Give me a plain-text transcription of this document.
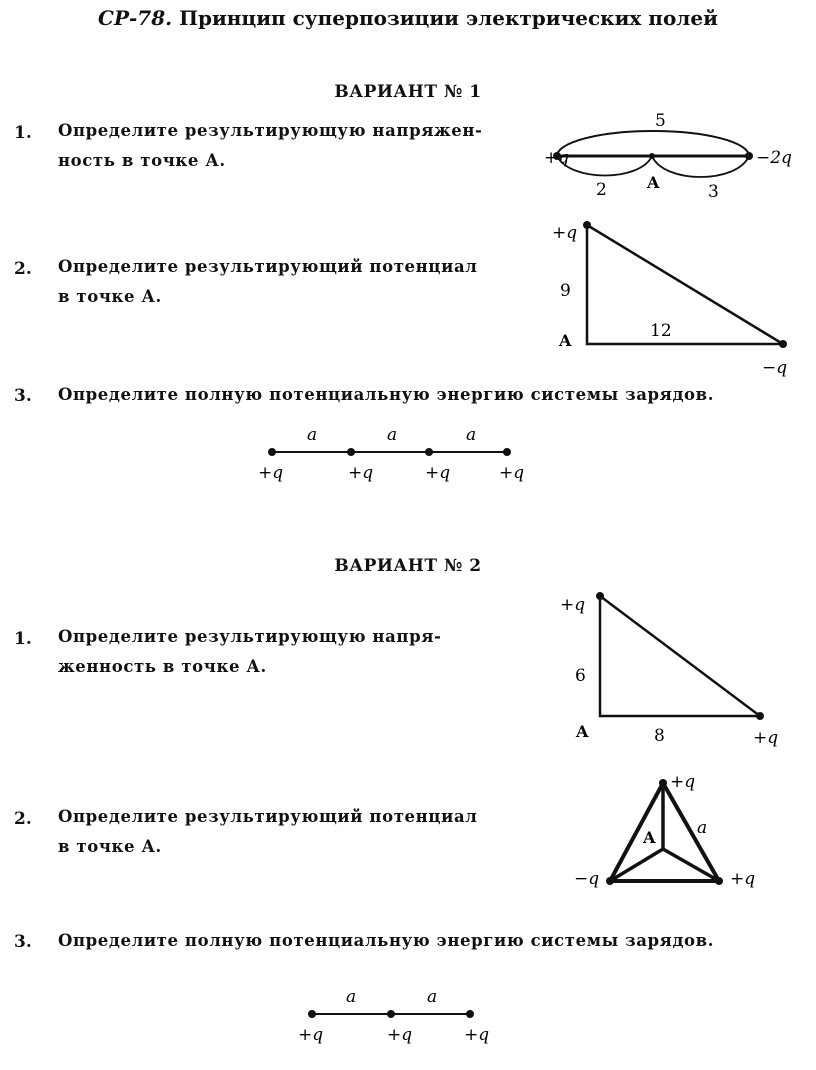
СР-78. Принцип суперпозиции электрических полей
ВАРИАНТ № 1
1. Определите результирующую напряжен-
ность в точке А.	+q	−2q
5
2	A	3
2. Определите результирующий потенциал
в точке А.
+q
9
A	12
−q
3. Определите полную потенциальную энергию системы зарядов.
a	a	a
+q	+q	+q	+q
ВАРИАНТ № 2
1. Определите результирующую напря-
женность в точке А.
+q
6
A	8	+q
2. Определите результирующий потенциал
в точке А.
+q
a
A
−q	+q
3. Определите полную потенциальную энергию системы зарядов.
a	a
+q	+q	+q
